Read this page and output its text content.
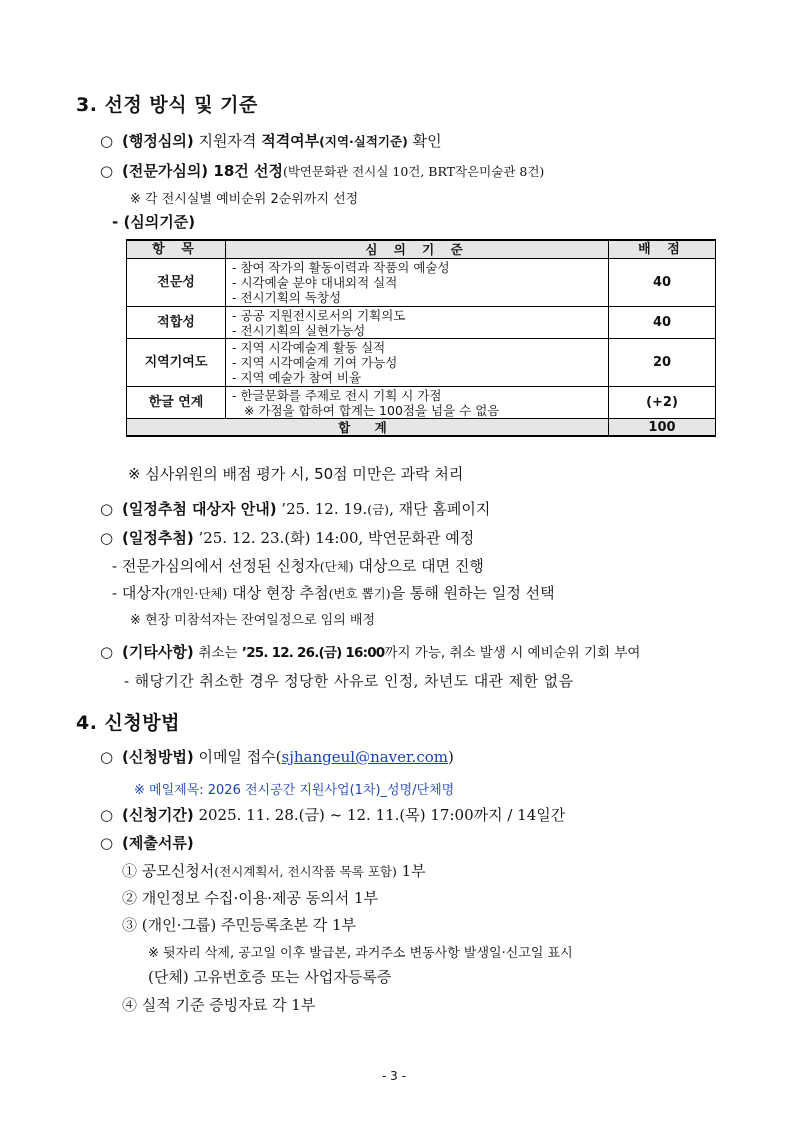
3. 선정 방식 및 기준
○ (행정심의) 지원자격 적격여부(지역·실적기준) 확인
○ (전문가심의) 18건 선정(박연문화관 전시실 10건, BRT작은미술관 8건)
※ 각 전시실별 예비순위 2순위까지 선정
- (심의기준)
항 목	심 의 기 준	배 점
전문성	- 참여 작가의 활동이력과 작품의 예술성
- 시각예술 분야 대내외적 실적
- 전시기획의 독창성	40
적합성	- 공공 지원전시로서의 기획의도
- 전시기획의 실현가능성	40
지역기여도	- 지역 시각예술계 활동 실적
- 지역 시각예술계 기여 가능성
- 지역 예술가 참여 비율	20
한글 연계	- 한글문화를 주제로 전시 기획 시 가점
※ 가점을 합하여 합계는 100점을 넘을 수 없음	(+2)
합 계		100
※ 심사위원의 배점 평가 시, 50점 미만은 과락 처리
○ (일정추첨 대상자 안내) ’25. 12. 19.(금), 재단 홈페이지
○ (일정추첨) ’25. 12. 23.(화) 14:00, 박연문화관 예정
- 전문가심의에서 선정된 신청자(단체) 대상으로 대면 진행
- 대상자(개인·단체) 대상 현장 추첨(번호 뽑기)을 통해 원하는 일정 선택
※ 현장 미참석자는 잔여일정으로 임의 배정
○ (기타사항) 취소는 ’25. 12. 26.(금) 16:00까지 가능, 취소 발생 시 예비순위 기회 부여
- 해당기간 취소한 경우 정당한 사유로 인정, 차년도 대관 제한 없음
4. 신청방법
○ (신청방법) 이메일 접수(sjhangeul@naver.com)
※ 메일제목: 2026 전시공간 지원사업(1차)_성명/단체명
○ (신청기간) 2025. 11. 28.(금) ~ 12. 11.(목) 17:00까지 / 14일간
○ (제출서류)
① 공모신청서(전시계획서, 전시작품 목록 포함) 1부
② 개인정보 수집·이용·제공 동의서 1부
③ (개인·그룹) 주민등록초본 각 1부
※ 뒷자리 삭제, 공고일 이후 발급본, 과거주소 변동사항 발생일·신고일 표시
(단체) 고유번호증 또는 사업자등록증
④ 실적 기준 증빙자료 각 1부
- 3 -
